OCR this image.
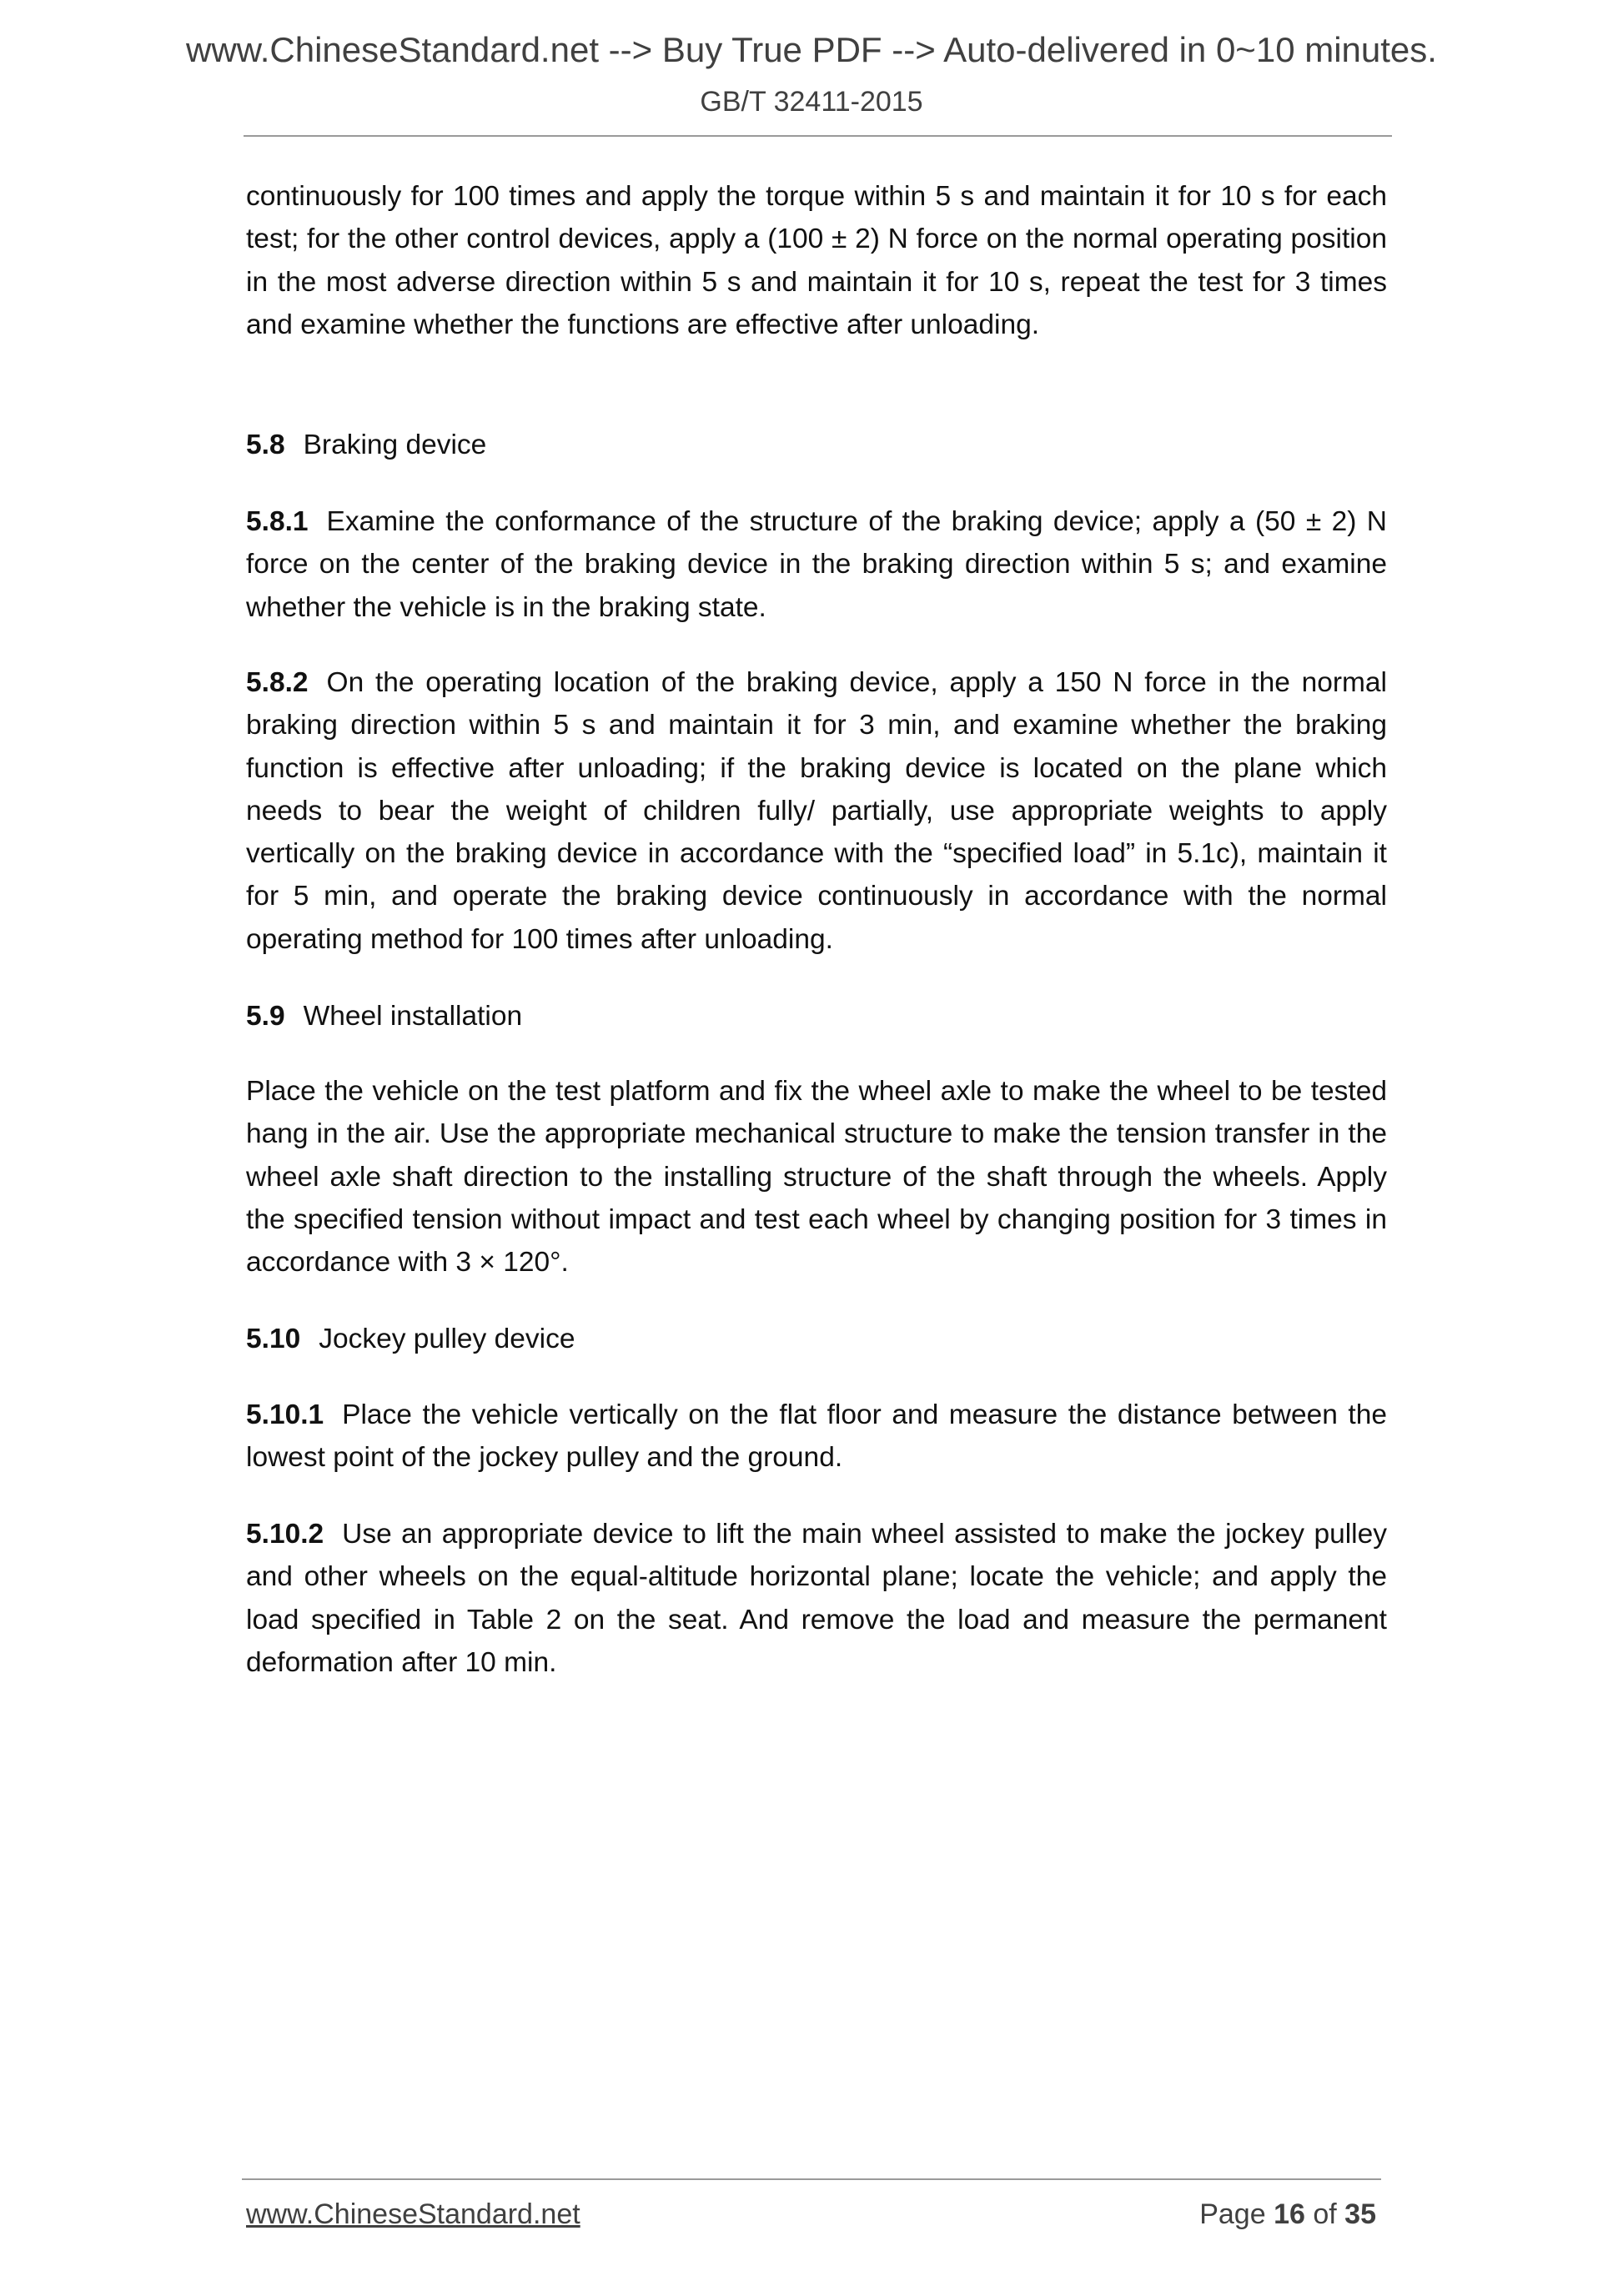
www.ChineseStandard.net --> Buy True PDF --> Auto-delivered in 0~10 minutes.
GB/T 32411-2015
continuously for 100 times and apply the torque within 5 s and maintain it for 10 s for each test; for the other control devices, apply a (100 ± 2) N force on the normal operating position in the most adverse direction within 5 s and maintain it for 10 s, repeat the test for 3 times and examine whether the functions are effective after unloading.
5.8 Braking device
5.8.1 Examine the conformance of the structure of the braking device; apply a (50 ± 2) N force on the center of the braking device in the braking direction within 5 s; and examine whether the vehicle is in the braking state.
5.8.2 On the operating location of the braking device, apply a 150 N force in the normal braking direction within 5 s and maintain it for 3 min, and examine whether the braking function is effective after unloading; if the braking device is located on the plane which needs to bear the weight of children fully/ partially, use appropriate weights to apply vertically on the braking device in accordance with the “specified load” in 5.1c), maintain it for 5 min, and operate the braking device continuously in accordance with the normal operating method for 100 times after unloading.
5.9 Wheel installation
Place the vehicle on the test platform and fix the wheel axle to make the wheel to be tested hang in the air. Use the appropriate mechanical structure to make the tension transfer in the wheel axle shaft direction to the installing structure of the shaft through the wheels. Apply the specified tension without impact and test each wheel by changing position for 3 times in accordance with 3 × 120°.
5.10 Jockey pulley device
5.10.1 Place the vehicle vertically on the flat floor and measure the distance between the lowest point of the jockey pulley and the ground.
5.10.2 Use an appropriate device to lift the main wheel assisted to make the jockey pulley and other wheels on the equal-altitude horizontal plane; locate the vehicle; and apply the load specified in Table 2 on the seat. And remove the load and measure the permanent deformation after 10 min.
www.ChineseStandard.net	Page 16 of 35
